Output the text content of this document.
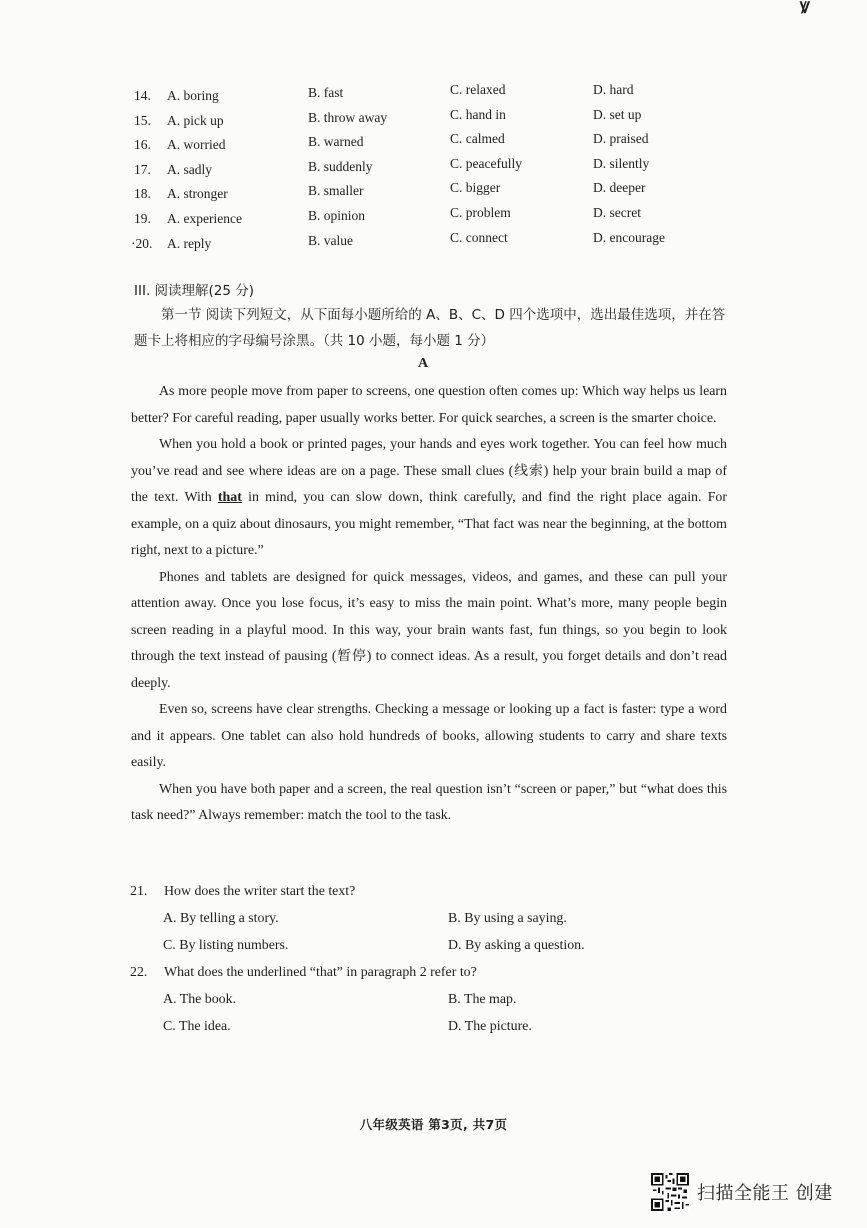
Ꝟ
14. A. boring	B. fast	C. relaxed	D. hard
15. A. pick up	B. throw away	C. hand in	D. set up
16. A. worried	B. warned	C. calmed	D. praised
17. A. sadly	B. suddenly	C. peacefully	D. silently
18. A. stronger	B. smaller	C. bigger	D. deeper
19. A. experience	B. opinion	C. problem	D. secret
·20. A. reply	B. value	C. connect	D. encourage
III. 阅读理解(25 分)
第一节 阅读下列短文，从下面每小题所给的 A、B、C、D 四个选项中，选出最佳选项，并在答题卡上将相应的字母编号涂黑。（共 10 小题，每小题 1 分）
A

As more people move from paper to screens, one question often comes up: Which way helps us learn better? For careful reading, paper usually works better. For quick searches, a screen is the smarter choice.

When you hold a book or printed pages, your hands and eyes work together. You can feel how much you’ve read and see where ideas are on a page. These small clues (线索) help your brain build a map of the text. With that in mind, you can slow down, think carefully, and find the right place again. For example, on a quiz about dinosaurs, you might remember, “That fact was near the beginning, at the bottom right, next to a picture.”

Phones and tablets are designed for quick messages, videos, and games, and these can pull your attention away. Once you lose focus, it’s easy to miss the main point. What’s more, many people begin screen reading in a playful mood. In this way, your brain wants fast, fun things, so you begin to look through the text instead of pausing (暂停) to connect ideas. As a result, you forget details and don’t read deeply.

Even so, screens have clear strengths. Checking a message or looking up a fact is faster: type a word and it appears. One tablet can also hold hundreds of books, allowing students to carry and share texts easily.

When you have both paper and a screen, the real question isn’t “screen or paper,” but “what does this task need?” Always remember: match the tool to the task.

21. How does the writer start the text?
A. By telling a story.	B. By using a saying.
C. By listing numbers.	D. By asking a question.
22. What does the underlined “that” in paragraph 2 refer to?
A. The book.	B. The map.
C. The idea.	D. The picture.
八年级英语 第3页, 共7页
扫描全能王 创建
